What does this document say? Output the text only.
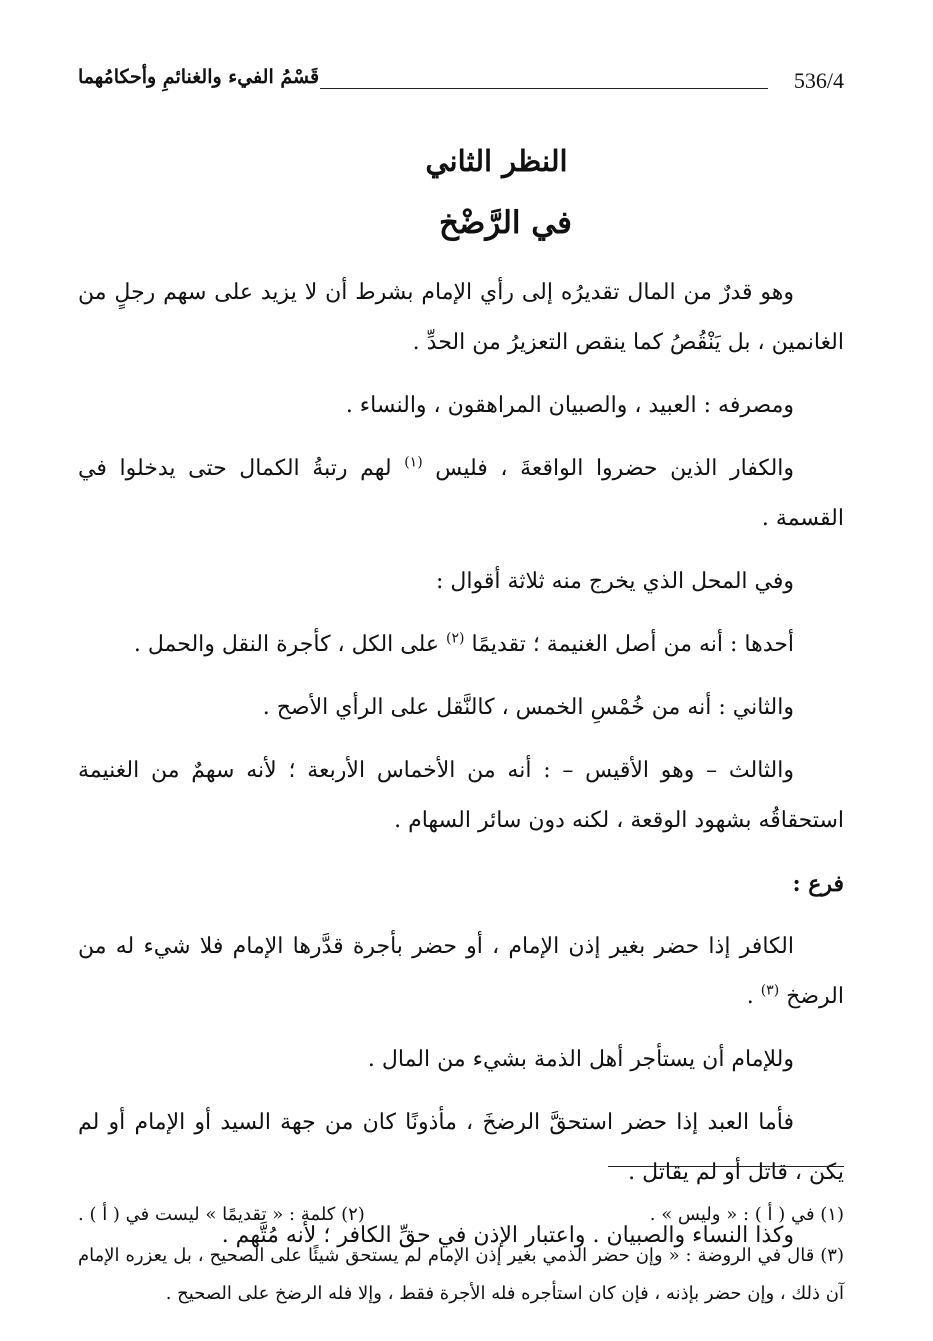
536/4
قَسْمُ الفيء والغنائمِ وأحكامُهما
النظر الثاني
في الرَّضْخ

وهو قدرٌ من المال تقديرُه إلى رأي الإمام بشرط أن لا يزيد على سهم رجلٍ من الغانمين ، بل يَنْقُصُ كما ينقص التعزيرُ من الحدِّ .

ومصرفه : العبيد ، والصبيان المراهقون ، والنساء .

والكفار الذين حضروا الواقعةَ ، فليس $^{(١)}$ لهم رتبةُ الكمال حتى يدخلوا في القسمة .

وفي المحل الذي يخرج منه ثلاثة أقوال :

أحدها : أنه من أصل الغنيمة ؛ تقديمًا $^{(٢)}$ على الكل ، كأجرة النقل والحمل .

والثاني : أنه من خُمْسِ الخمس ، كالنَّقل على الرأي الأصح .

والثالث – وهو الأقيس – : أنه من الأخماس الأربعة ؛ لأنه سهمٌ من الغنيمة استحقاقُه بشهود الوقعة ، لكنه دون سائر السهام .

فرع :

الكافر إذا حضر بغير إذن الإمام ، أو حضر بأجرة قدَّرها الإمام فلا شيء له من الرضخ $^{(٣)}$ .

وللإمام أن يستأجر أهل الذمة بشيء من المال .

فأما العبد إذا حضر استحقَّ الرضخَ ، مأذونًا كان من جهة السيد أو الإمام أو لم يكن ، قاتل أو لم يقاتل .

وكذا النساء والصبيان . واعتبار الإذن في حقِّ الكافر ؛ لأنه مُتَّهم .

(١) في ( أ ) : « وليس » .
(٢) كلمة : « تقديمًا » ليست في ( أ ) .
(٣) قال في الروضة : « وإن حضر الذمي بغير إذن الإمام لم يستحق شيئًا على الصحيح ، بل يعزره الإمام آن ذلك ، وإن حضر بإذنه ، فإن كان استأجره فله الأجرة فقط ، وإلا فله الرضخ على الصحيح .
